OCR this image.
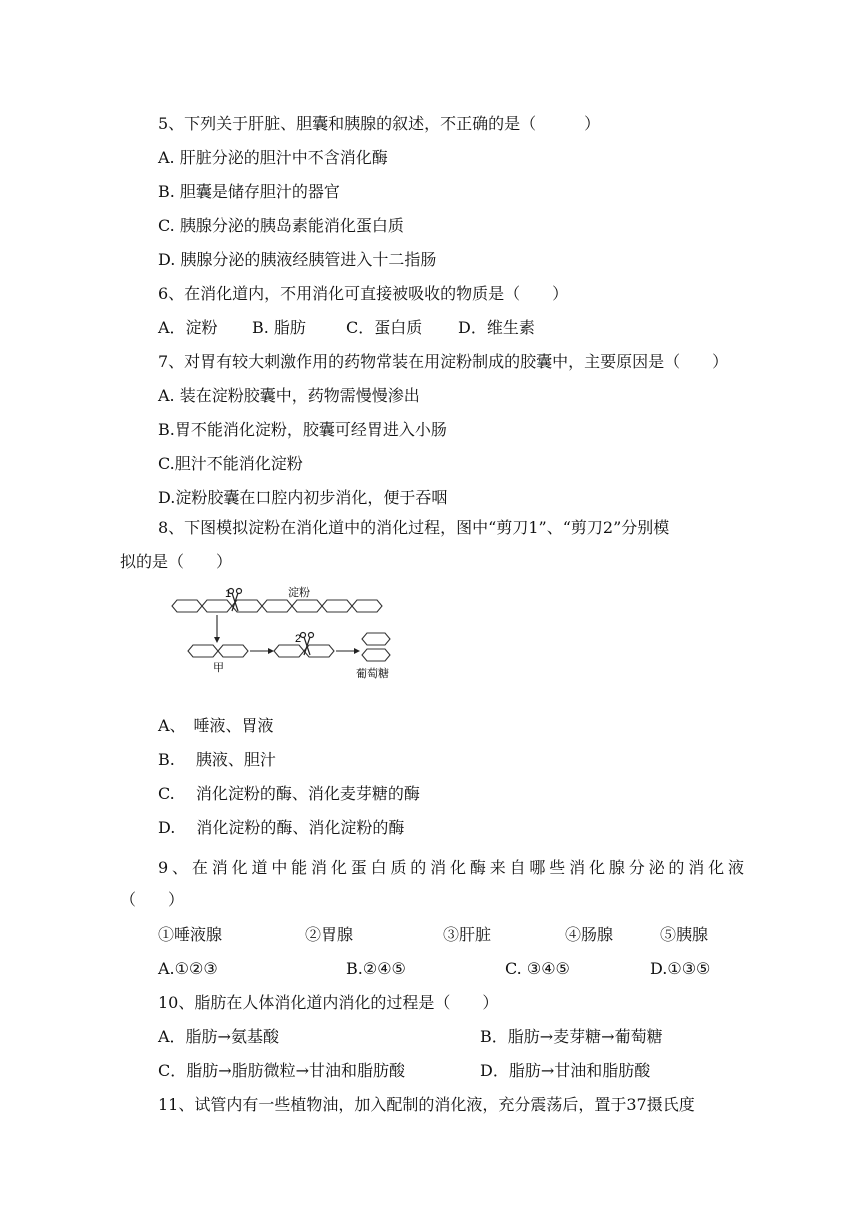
5、下列关于肝脏、胆囊和胰腺的叙述，不正确的是（　　　）
A. 肝脏分泌的胆汁中不含消化酶
B. 胆囊是储存胆汁的器官
C. 胰腺分泌的胰岛素能消化蛋白质
D. 胰腺分泌的胰液经胰管进入十二指肠
6、在消化道内，不用消化可直接被吸收的物质是（　　）
A．淀粉 B. 脂肪	C．蛋白质 D．维生素
7、对胃有较大刺激作用的药物常装在用淀粉制成的胶囊中，主要原因是（　　）
A. 装在淀粉胶囊中，药物需慢慢渗出
B.胃不能消化淀粉，胶囊可经胃进入小肠
C.胆汁不能消化淀粉
D.淀粉胶囊在口腔内初步消化，便于吞咽
8、下图模拟淀粉在消化道中的消化过程，图中“剪刀1”、“剪刀2”分别模
拟的是（　　）
1	淀粉
甲
2
葡萄糖
A、　唾液、胃液
B.　 胰液、胆汁
C.　 消化淀粉的酶、消化麦芽糖的酶
D.　 消化淀粉的酶、消化淀粉的酶
9、在消化道中能消化蛋白质的消化酶来自哪些消化腺分泌的消化液
（　　）
①唾液腺	②胃腺	③肝脏	④肠腺	⑤胰腺
A.①②③	B.②④⑤	C. ③④⑤	D.①③⑤
10、脂肪在人体消化道内消化的过程是（　　）
A．脂肪→氨基酸	B．脂肪→麦芽糖→葡萄糖
C．脂肪→脂肪微粒→甘油和脂肪酸	D．脂肪→甘油和脂肪酸
11、试管内有一些植物油，加入配制的消化液，充分震荡后，置于37摄氏度
